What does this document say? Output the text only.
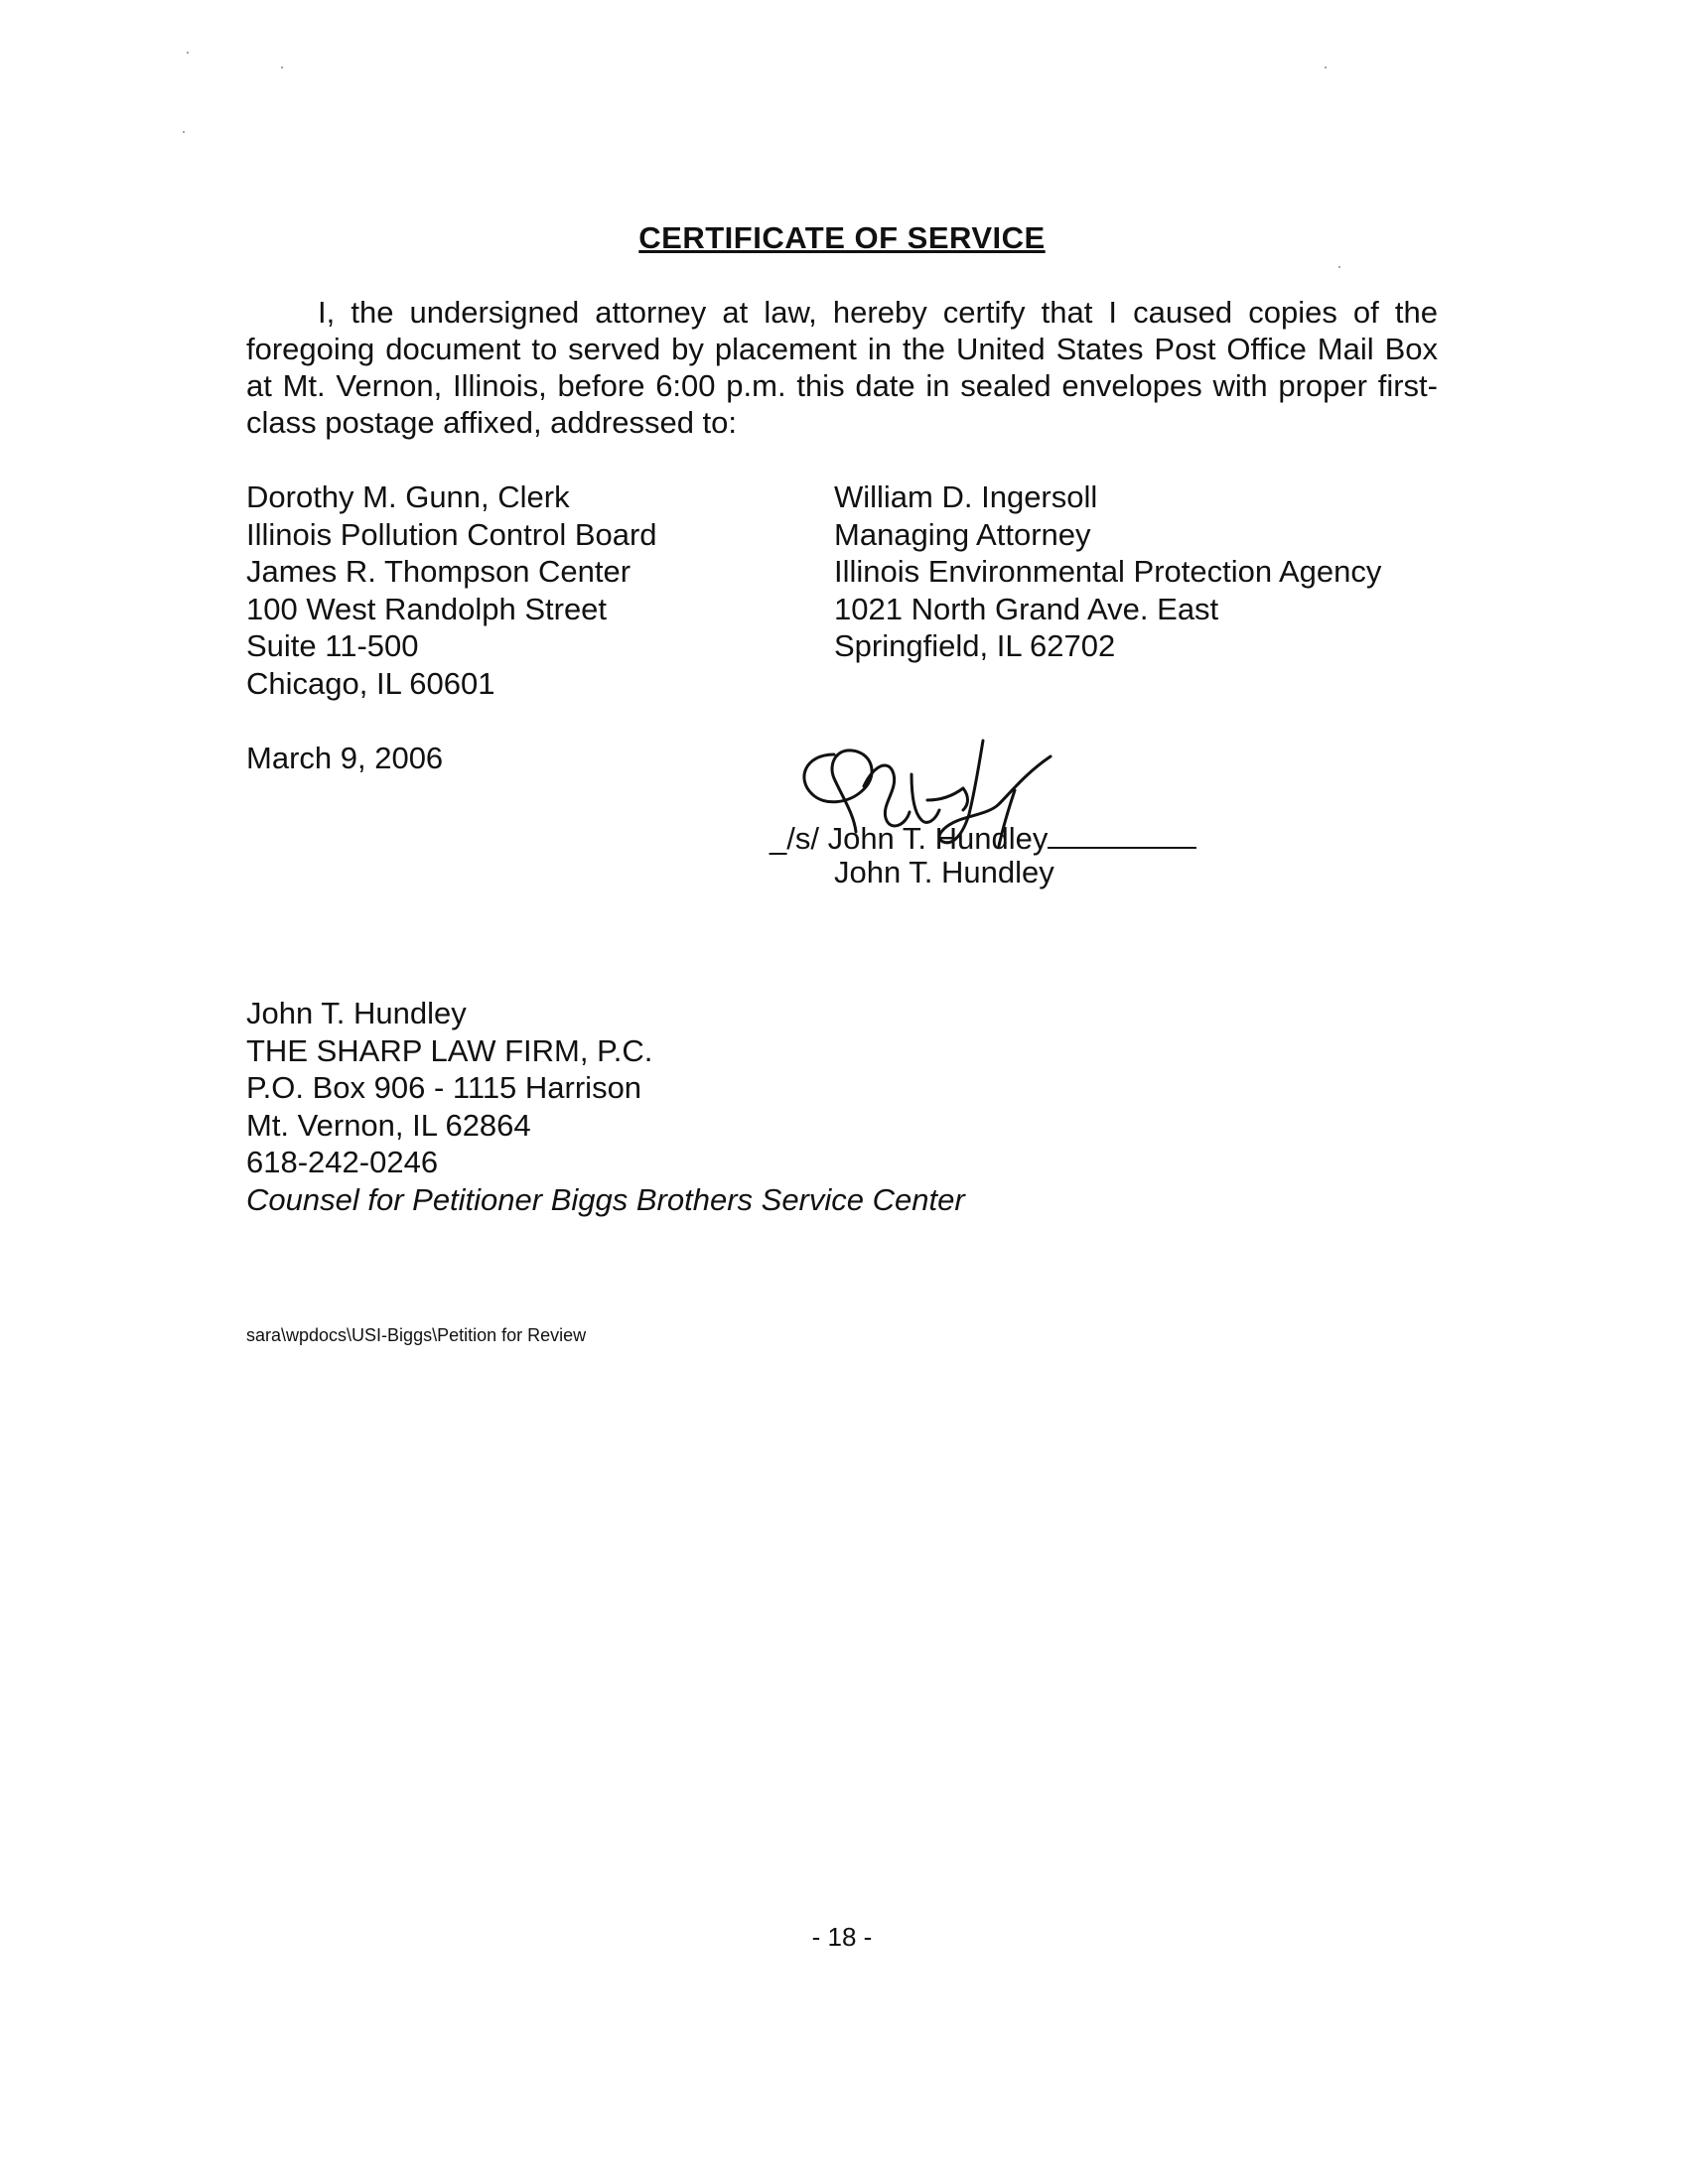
CERTIFICATE OF SERVICE
I, the undersigned attorney at law, hereby certify that I caused copies of the foregoing document to served by placement in the United States Post Office Mail Box at Mt. Vernon, Illinois, before 6:00 p.m. this date in sealed envelopes with proper first-class postage affixed, addressed to:
Dorothy M. Gunn, Clerk
Illinois Pollution Control Board
James R. Thompson Center
100 West Randolph Street
Suite 11-500
Chicago, IL 60601
William D. Ingersoll
Managing Attorney
Illinois Environmental Protection Agency
1021 North Grand Ave. East
Springfield, IL 62702
March 9, 2006
_/s/ John T. Hundley
John T. Hundley
John T. Hundley
THE SHARP LAW FIRM, P.C.
P.O. Box 906 - 1115 Harrison
Mt. Vernon, IL 62864
618-242-0246
Counsel for Petitioner Biggs Brothers Service Center
sara\wpdocs\USI-Biggs\Petition for Review
- 18 -
